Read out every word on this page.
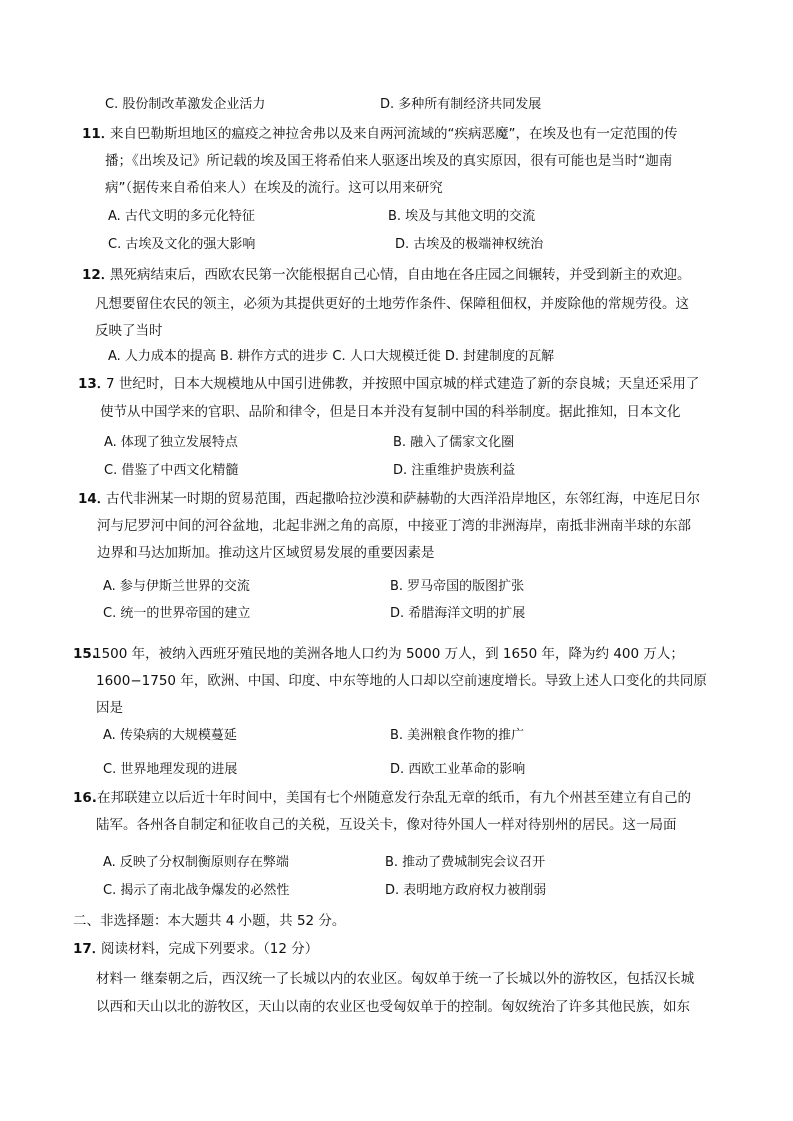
C. 股份制改革激发企业活力	D. 多种所有制经济共同发展
11．
来自巴勒斯坦地区的瘟疫之神拉舍弗以及来自两河流域的“疾病恶魔”，在埃及也有一定范围的传
播；《出埃及记》所记载的埃及国王将希伯来人驱逐出埃及的真实原因，很有可能也是当时“迦南
病”（据传来自希伯来人）在埃及的流行。这可以用来研究
A. 古代文明的多元化特征	B. 埃及与其他文明的交流
C. 古埃及文化的强大影响	D. 古埃及的极端神权统治
12．
黑死病结束后，西欧农民第一次能根据自己心情，自由地在各庄园之间辗转，并受到新主的欢迎。
凡想要留住农民的领主，必须为其提供更好的土地劳作条件、保障租佃权，并废除他的常规劳役。这
反映了当时
A. 人力成本的提高 B. 耕作方式的进步 C. 人口大规模迁徙 D. 封建制度的瓦解
13．
7 世纪时，日本大规模地从中国引进佛教，并按照中国京城的样式建造了新的奈良城；天皇还采用了
使节从中国学来的官职、品阶和律令，但是日本并没有复制中国的科举制度。据此推知，日本文化
A. 体现了独立发展特点	B. 融入了儒家文化圈
C. 借鉴了中西文化精髓	D. 注重维护贵族利益
14．
古代非洲某一时期的贸易范围，西起撒哈拉沙漠和萨赫勒的大西洋沿岸地区，东邻红海，中连尼日尔
河与尼罗河中间的河谷盆地，北起非洲之角的高原，中接亚丁湾的非洲海岸，南抵非洲南半球的东部
边界和马达加斯加。推动这片区域贸易发展的重要因素是
A. 参与伊斯兰世界的交流	B. 罗马帝国的版图扩张
C. 统一的世界帝国的建立	D. 希腊海洋文明的扩展
15.
1500 年，被纳入西班牙殖民地的美洲各地人口约为 5000 万人，到 1650 年，降为约 400 万人；
1600−1750 年，欧洲、中国、印度、中东等地的人口却以空前速度增长。导致上述人口变化的共同原
因是
A. 传染病的大规模蔓延	B. 美洲粮食作物的推广
C. 世界地理发现的进展	D. 西欧工业革命的影响
16. 在邦联建立以后近十年时间中，美国有七个州随意发行杂乱无章的纸币，有九个州甚至建立有自己的
陆军。各州各自制定和征收自己的关税，互设关卡，像对待外国人一样对待别州的居民。这一局面
A. 反映了分权制衡原则存在弊端	B. 推动了费城制宪会议召开
C. 揭示了南北战争爆发的必然性	D. 表明地方政府权力被削弱
二、非选择题：本大题共 4 小题，共 52 分。
17．
阅读材料，完成下列要求。（12 分）
材料一 继秦朝之后，西汉统一了长城以内的农业区。匈奴单于统一了长城以外的游牧区，包括汉长城
以西和天山以北的游牧区，天山以南的农业区也受匈奴单于的控制。匈奴统治了许多其他民族，如东
